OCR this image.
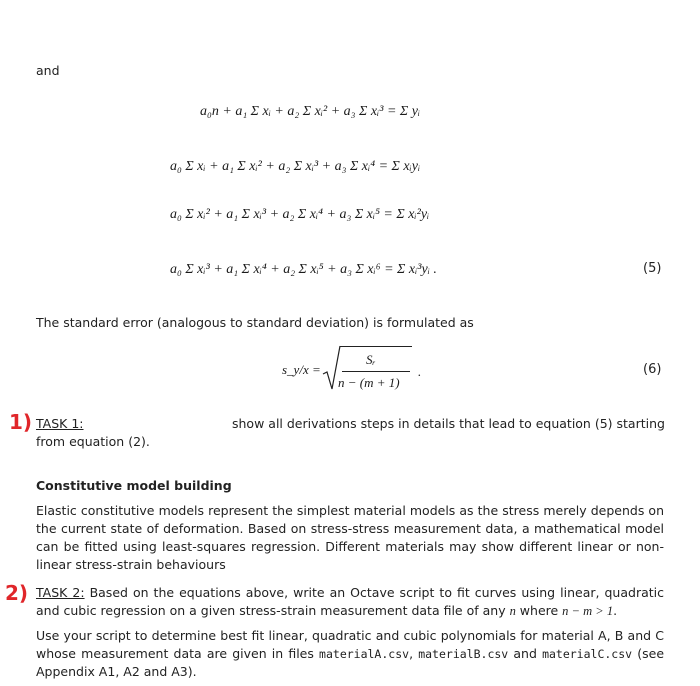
and
a₀n + a₁ Σ xᵢ + a₂ Σ xᵢ² + a₃ Σ xᵢ³ = Σ yᵢ
a₀ Σ xᵢ + a₁ Σ xᵢ² + a₂ Σ xᵢ³ + a₃ Σ xᵢ⁴ = Σ xᵢyᵢ
a₀ Σ xᵢ² + a₁ Σ xᵢ³ + a₂ Σ xᵢ⁴ + a₃ Σ xᵢ⁵ = Σ xᵢ²yᵢ
a₀ Σ xᵢ³ + a₁ Σ xᵢ⁴ + a₂ Σ xᵢ⁵ + a₃ Σ xᵢ⁶ = Σ xᵢ³yᵢ .	(5)
The standard error (analogous to standard deviation) is formulated as
s_y/x =
Sᵣ
n − (m + 1)
.	(6)
1) TASK 1:	show all derivations steps in details that lead to equation (5) starting
from equation (2).
Constitutive model building
Elastic constitutive models represent the simplest material models as the stress merely depends on the current state of deformation. Based on stress-stress measurement data, a mathematical model can be fitted using least-squares regression. Different materials may show different linear or non-linear stress-strain behaviours
2) TASK 2: Based on the equations above, write an Octave script to fit curves using linear, quadratic and cubic regression on a given stress-strain measurement data file of any n where n − m > 1.
Use your script to determine best fit linear, quadratic and cubic polynomials for material A, B and C whose measurement data are given in files materialA.csv, materialB.csv and materialC.csv (see Appendix A1, A2 and A3).
